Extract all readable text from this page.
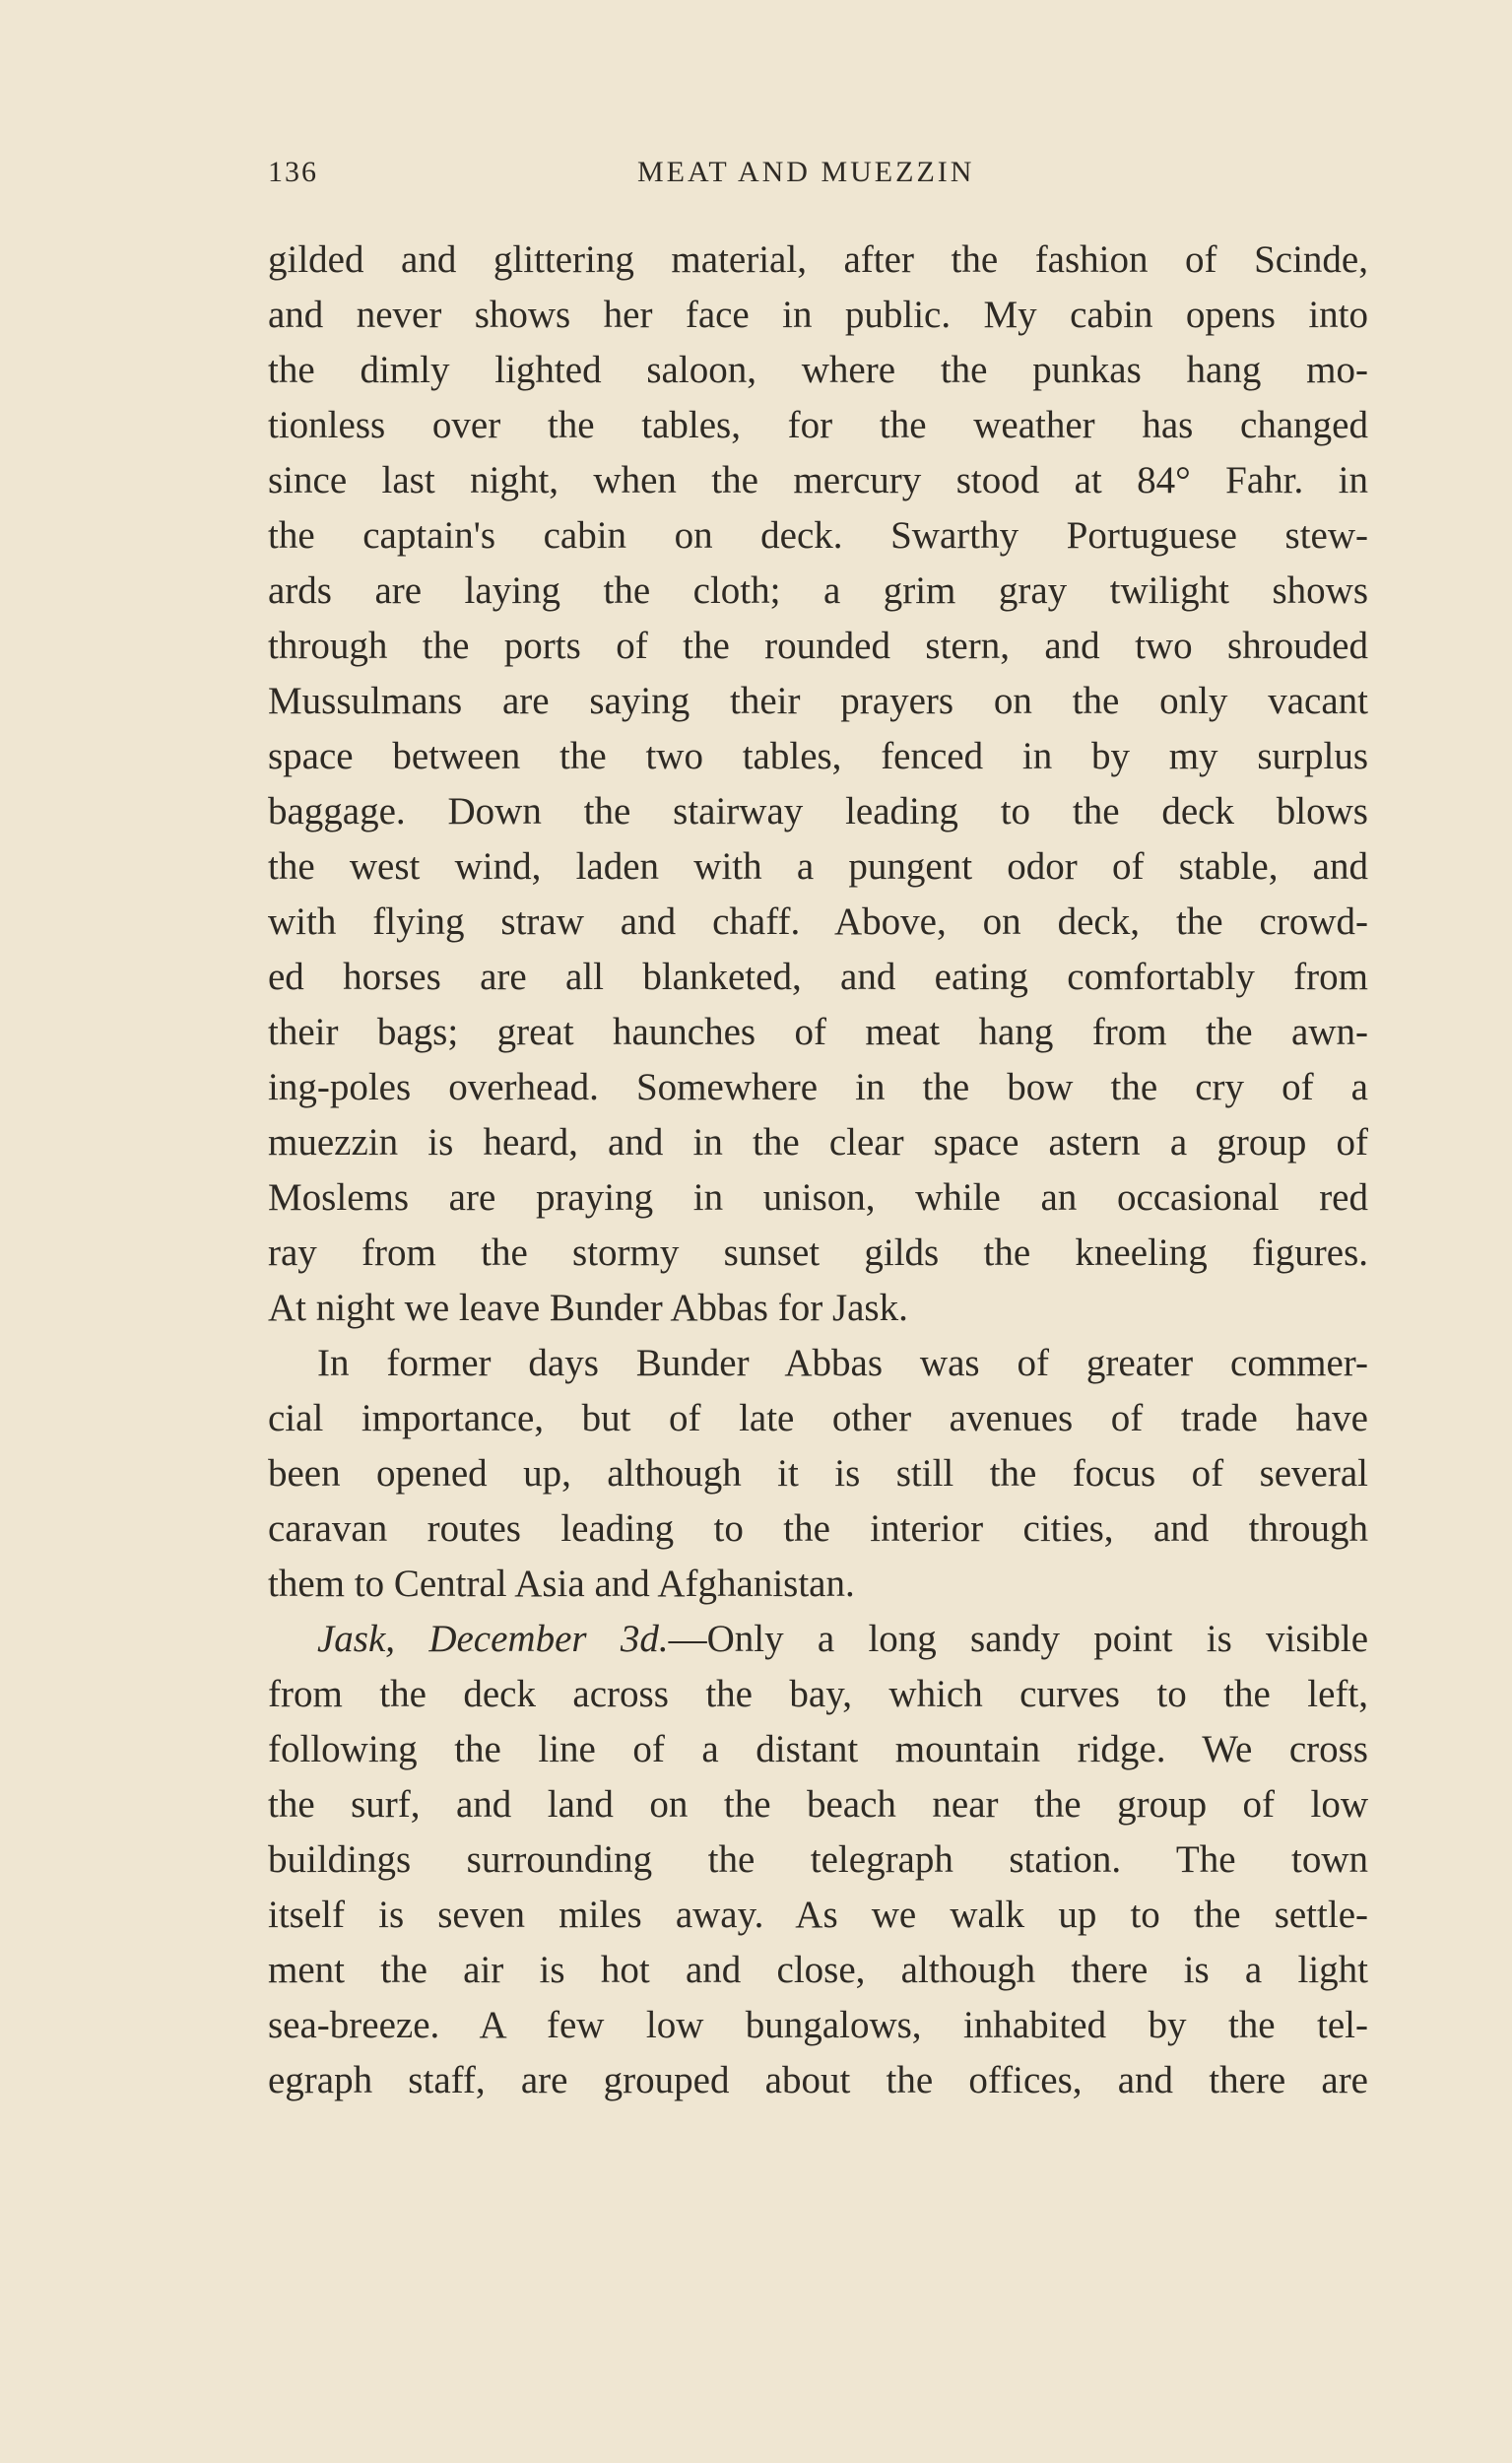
136	MEAT AND MUEZZIN
gilded and glittering material, after the fashion of Scinde,
and never shows her face in public. My cabin opens into
the dimly lighted saloon, where the punkas hang mo-
tionless over the tables, for the weather has changed
since last night, when the mercury stood at 84° Fahr. in
the captain's cabin on deck. Swarthy Portuguese stew-
ards are laying the cloth; a grim gray twilight shows
through the ports of the rounded stern, and two shrouded
Mussulmans are saying their prayers on the only vacant
space between the two tables, fenced in by my surplus
baggage. Down the stairway leading to the deck blows
the west wind, laden with a pungent odor of stable, and
with flying straw and chaff. Above, on deck, the crowd-
ed horses are all blanketed, and eating comfortably from
their bags; great haunches of meat hang from the awn-
ing-poles overhead. Somewhere in the bow the cry of a
muezzin is heard, and in the clear space astern a group of
Moslems are praying in unison, while an occasional red
ray from the stormy sunset gilds the kneeling figures.
At night we leave Bunder Abbas for Jask.
In former days Bunder Abbas was of greater commer-
cial importance, but of late other avenues of trade have
been opened up, although it is still the focus of several
caravan routes leading to the interior cities, and through
them to Central Asia and Afghanistan.
Jask, December 3d.—Only a long sandy point is visible
from the deck across the bay, which curves to the left,
following the line of a distant mountain ridge. We cross
the surf, and land on the beach near the group of low
buildings surrounding the telegraph station. The town
itself is seven miles away. As we walk up to the settle-
ment the air is hot and close, although there is a light
sea-breeze. A few low bungalows, inhabited by the tel-
egraph staff, are grouped about the offices, and there are
